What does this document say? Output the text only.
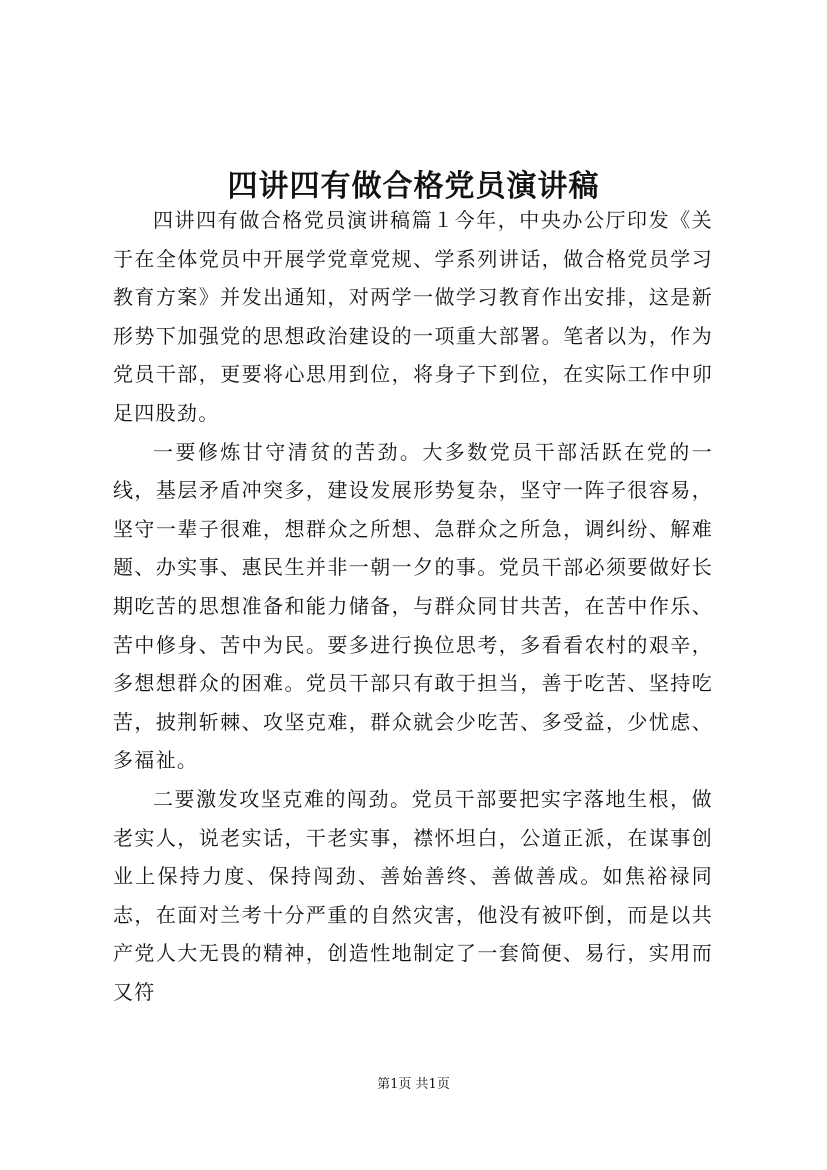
四讲四有做合格党员演讲稿

四讲四有做合格党员演讲稿篇１今年，中央办公厅印发《关于在全体党员中开展学党章党规、学系列讲话，做合格党员学习教育方案》并发出通知，对两学一做学习教育作出安排，这是新形势下加强党的思想政治建设的一项重大部署。笔者以为，作为党员干部，更要将心思用到位，将身子下到位，在实际工作中卯足四股劲。

一要修炼甘守清贫的苦劲。大多数党员干部活跃在党的一线，基层矛盾冲突多，建设发展形势复杂，坚守一阵子很容易，坚守一辈子很难，想群众之所想、急群众之所急，调纠纷、解难题、办实事、惠民生并非一朝一夕的事。党员干部必须要做好长期吃苦的思想准备和能力储备，与群众同甘共苦，在苦中作乐、苦中修身、苦中为民。要多进行换位思考，多看看农村的艰辛，多想想群众的困难。党员干部只有敢于担当，善于吃苦、坚持吃苦，披荆斩棘、攻坚克难，群众就会少吃苦、多受益，少忧虑、多福祉。

二要激发攻坚克难的闯劲。党员干部要把实字落地生根，做老实人，说老实话，干老实事，襟怀坦白，公道正派，在谋事创业上保持力度、保持闯劲、善始善终、善做善成。如焦裕禄同志，在面对兰考十分严重的自然灾害，他没有被吓倒，而是以共产党人大无畏的精神，创造性地制定了一套简便、易行，实用而又符

第1页 共1页
